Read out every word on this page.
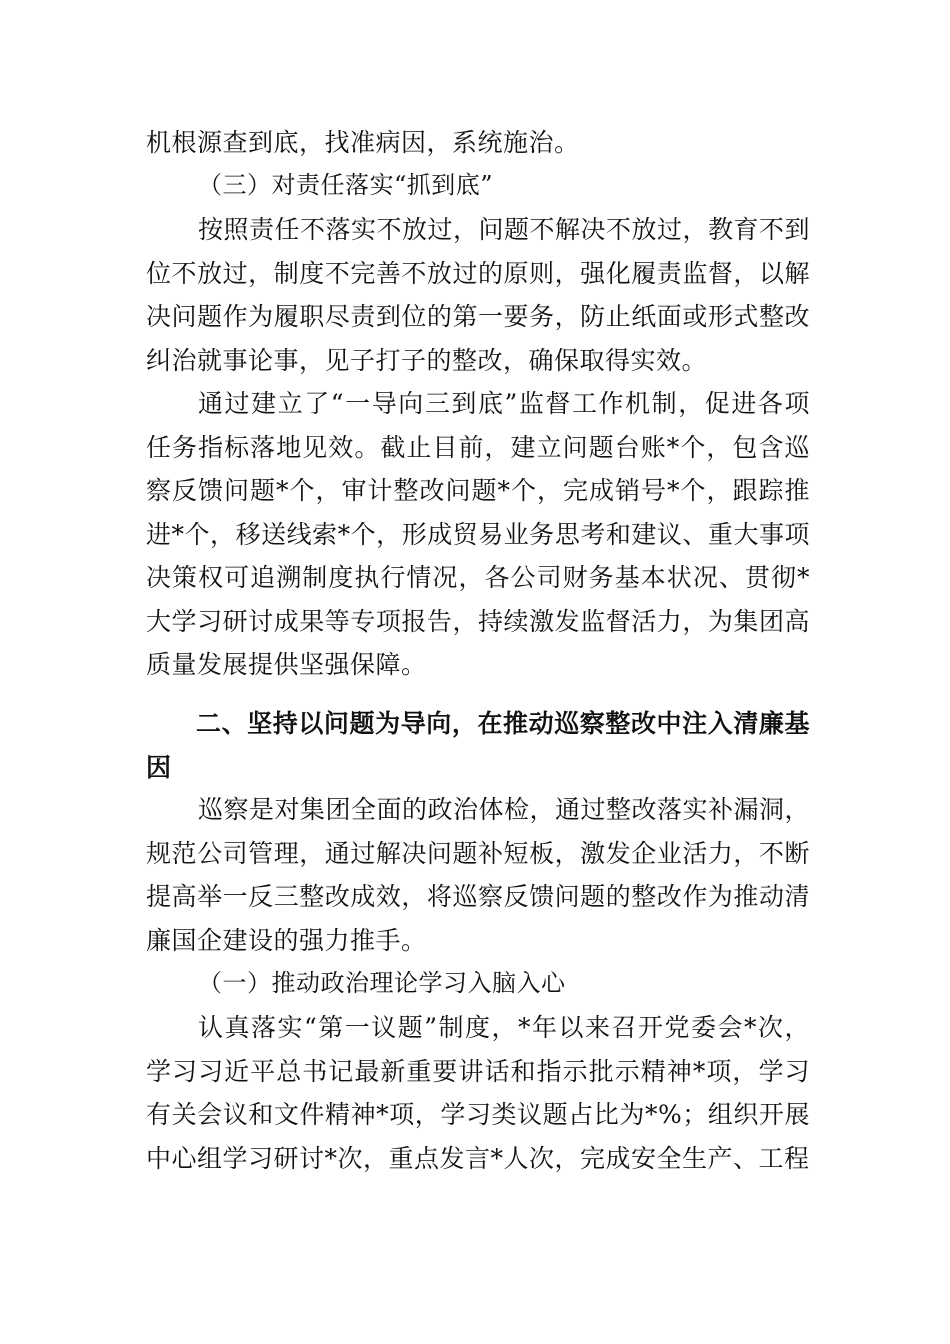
机根源查到底，找准病因，系统施治。

（三）对责任落实“抓到底”

按照责任不落实不放过，问题不解决不放过，教育不到位不放过，制度不完善不放过的原则，强化履责监督，以解决问题作为履职尽责到位的第一要务，防止纸面或形式整改纠治就事论事，见子打子的整改，确保取得实效。

通过建立了“一导向三到底”监督工作机制，促进各项任务指标落地见效。截止目前，建立问题台账*个，包含巡察反馈问题*个，审计整改问题*个，完成销号*个，跟踪推进*个，移送线索*个，形成贸易业务思考和建议、重大事项决策权可追溯制度执行情况，各公司财务基本状况、贯彻*大学习研讨成果等专项报告，持续激发监督活力，为集团高质量发展提供坚强保障。

二、坚持以问题为导向，在推动巡察整改中注入清廉基因

巡察是对集团全面的政治体检，通过整改落实补漏洞，规范公司管理，通过解决问题补短板，激发企业活力，不断提高举一反三整改成效，将巡察反馈问题的整改作为推动清廉国企建设的强力推手。

（一）推动政治理论学习入脑入心

认真落实“第一议题”制度，*年以来召开党委会*次，学习习近平总书记最新重要讲话和指示批示精神*项，学习有关会议和文件精神*项，学习类议题占比为*%；组织开展中心组学习研讨*次，重点发言*人次，完成安全生产、工程
